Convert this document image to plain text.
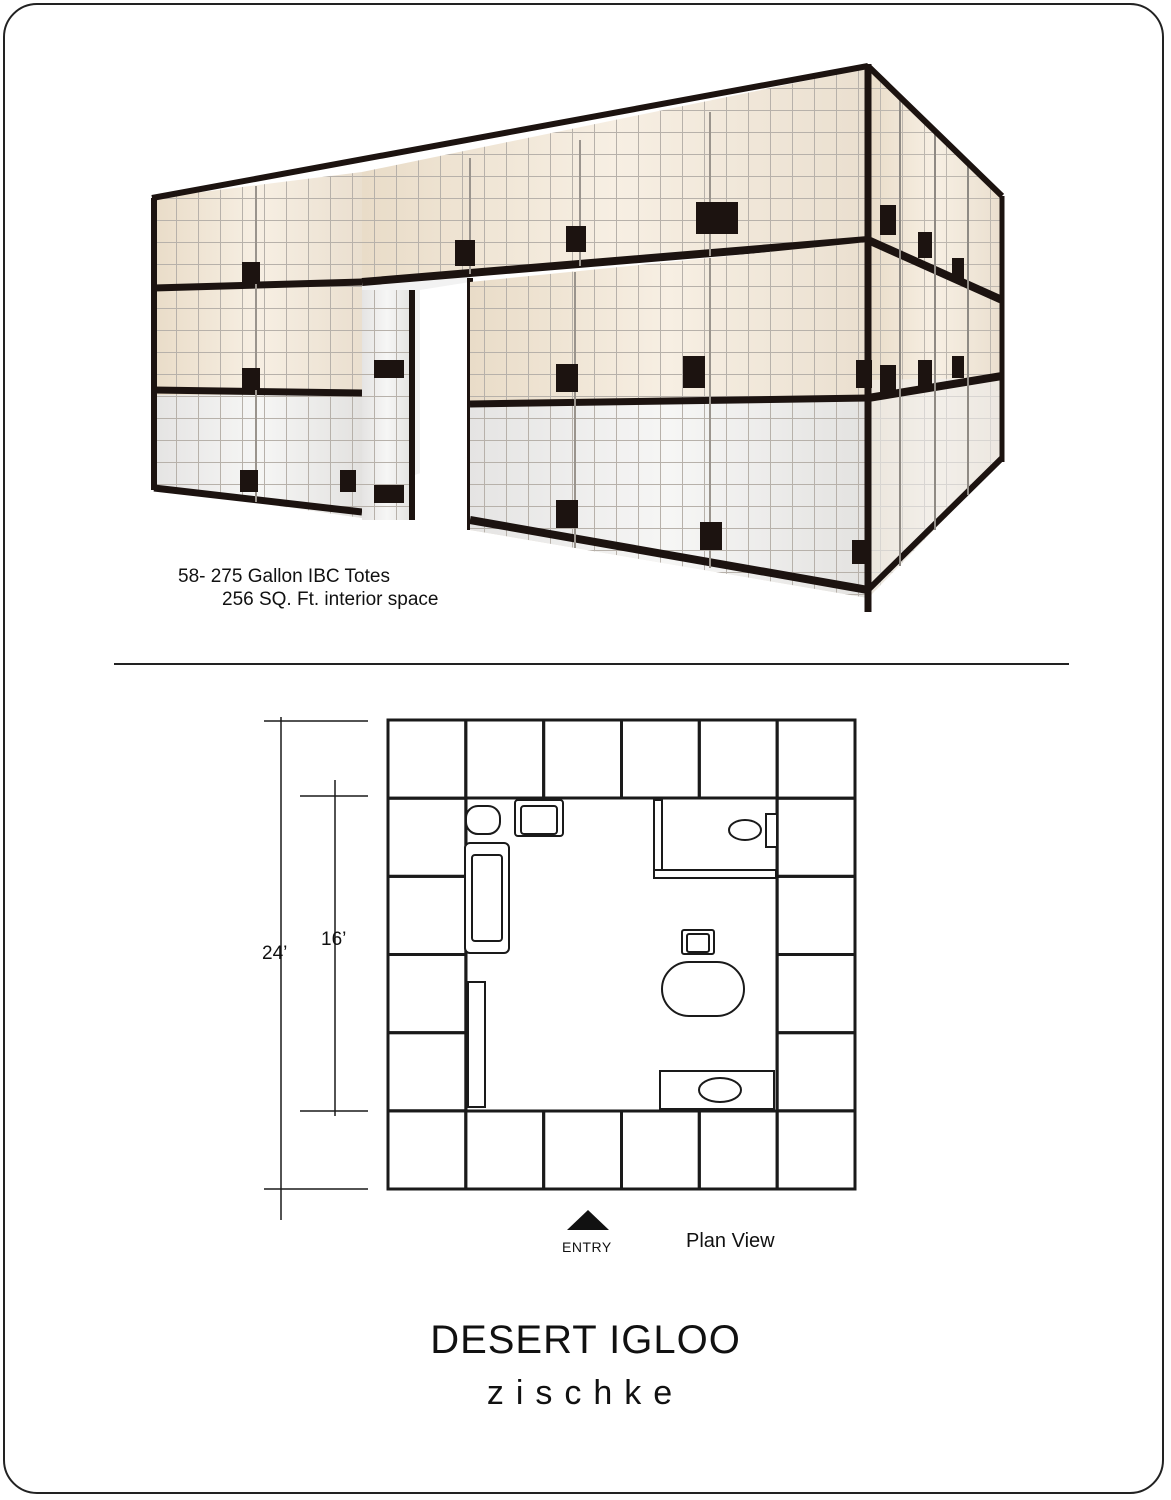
58- 275 Gallon IBC Totes
256 SQ. Ft. interior space
24’
16’
ENTRY	Plan View
DESERT IGLOO
zischke
